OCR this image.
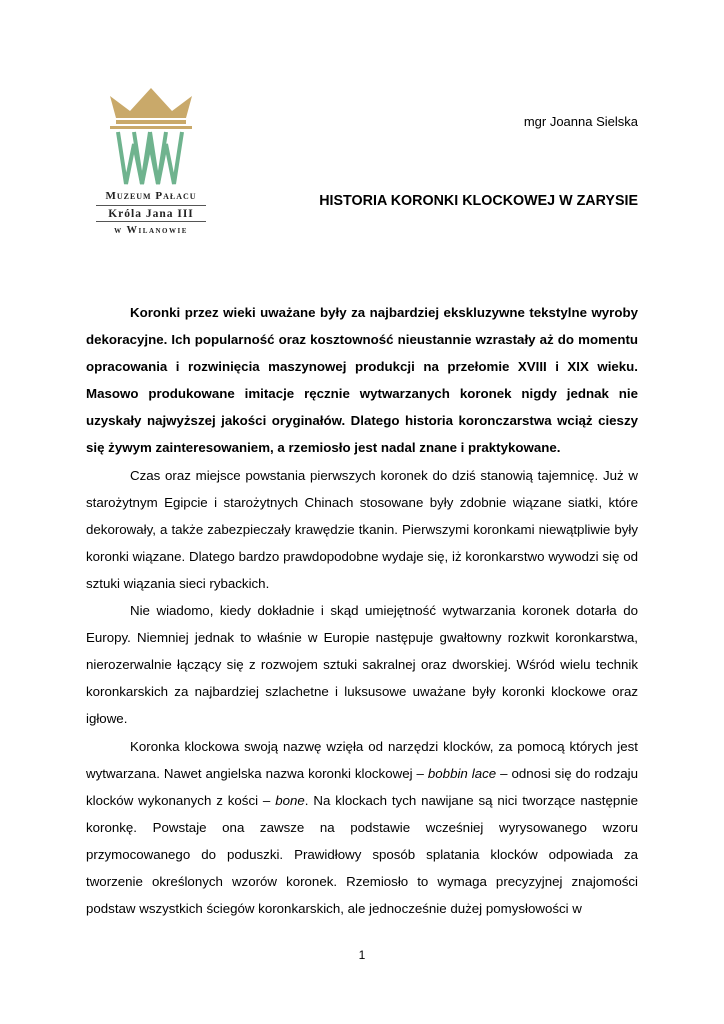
Muzeum Pałacu
Króla Jana III
w Wilanowie
mgr Joanna Sielska
HISTORIA KORONKI KLOCKOWEJ W ZARYSIE

Koronki przez wieki uważane były za najbardziej ekskluzywne tekstylne wyroby dekoracyjne. Ich popularność oraz kosztowność nieustannie wzrastały aż do momentu opracowania i rozwinięcia maszynowej produkcji na przełomie XVIII i XIX wieku. Masowo produkowane imitacje ręcznie wytwarzanych koronek nigdy jednak nie uzyskały najwyższej jakości oryginałów. Dlatego historia koronczarstwa wciąż cieszy się żywym zainteresowaniem, a rzemiosło jest nadal znane i praktykowane.

Czas oraz miejsce powstania pierwszych koronek do dziś stanowią tajemnicę. Już w starożytnym Egipcie i starożytnych Chinach stosowane były zdobnie wiązane siatki, które dekorowały, a także zabezpieczały krawędzie tkanin. Pierwszymi koronkami niewątpliwie były koronki wiązane. Dlatego bardzo prawdopodobne wydaje się, iż koronkarstwo wywodzi się od sztuki wiązania sieci rybackich.

Nie wiadomo, kiedy dokładnie i skąd umiejętność wytwarzania koronek dotarła do Europy. Niemniej jednak to właśnie w Europie następuje gwałtowny rozkwit koronkarstwa, nierozerwalnie łączący się z rozwojem sztuki sakralnej oraz dworskiej. Wśród wielu technik koronkarskich za najbardziej szlachetne i luksusowe uważane były koronki klockowe oraz igłowe.

Koronka klockowa swoją nazwę wzięła od narzędzi klocków, za pomocą których jest wytwarzana. Nawet angielska nazwa koronki klockowej – bobbin lace – odnosi się do rodzaju klocków wykonanych z kości – bone. Na klockach tych nawijane są nici tworzące następnie koronkę. Powstaje ona zawsze na podstawie wcześniej wyrysowanego wzoru przymocowanego do poduszki. Prawidłowy sposób splatania klocków odpowiada za tworzenie określonych wzorów koronek. Rzemiosło to wymaga precyzyjnej znajomości podstaw wszystkich ściegów koronkarskich, ale jednocześnie dużej pomysłowości w

1
